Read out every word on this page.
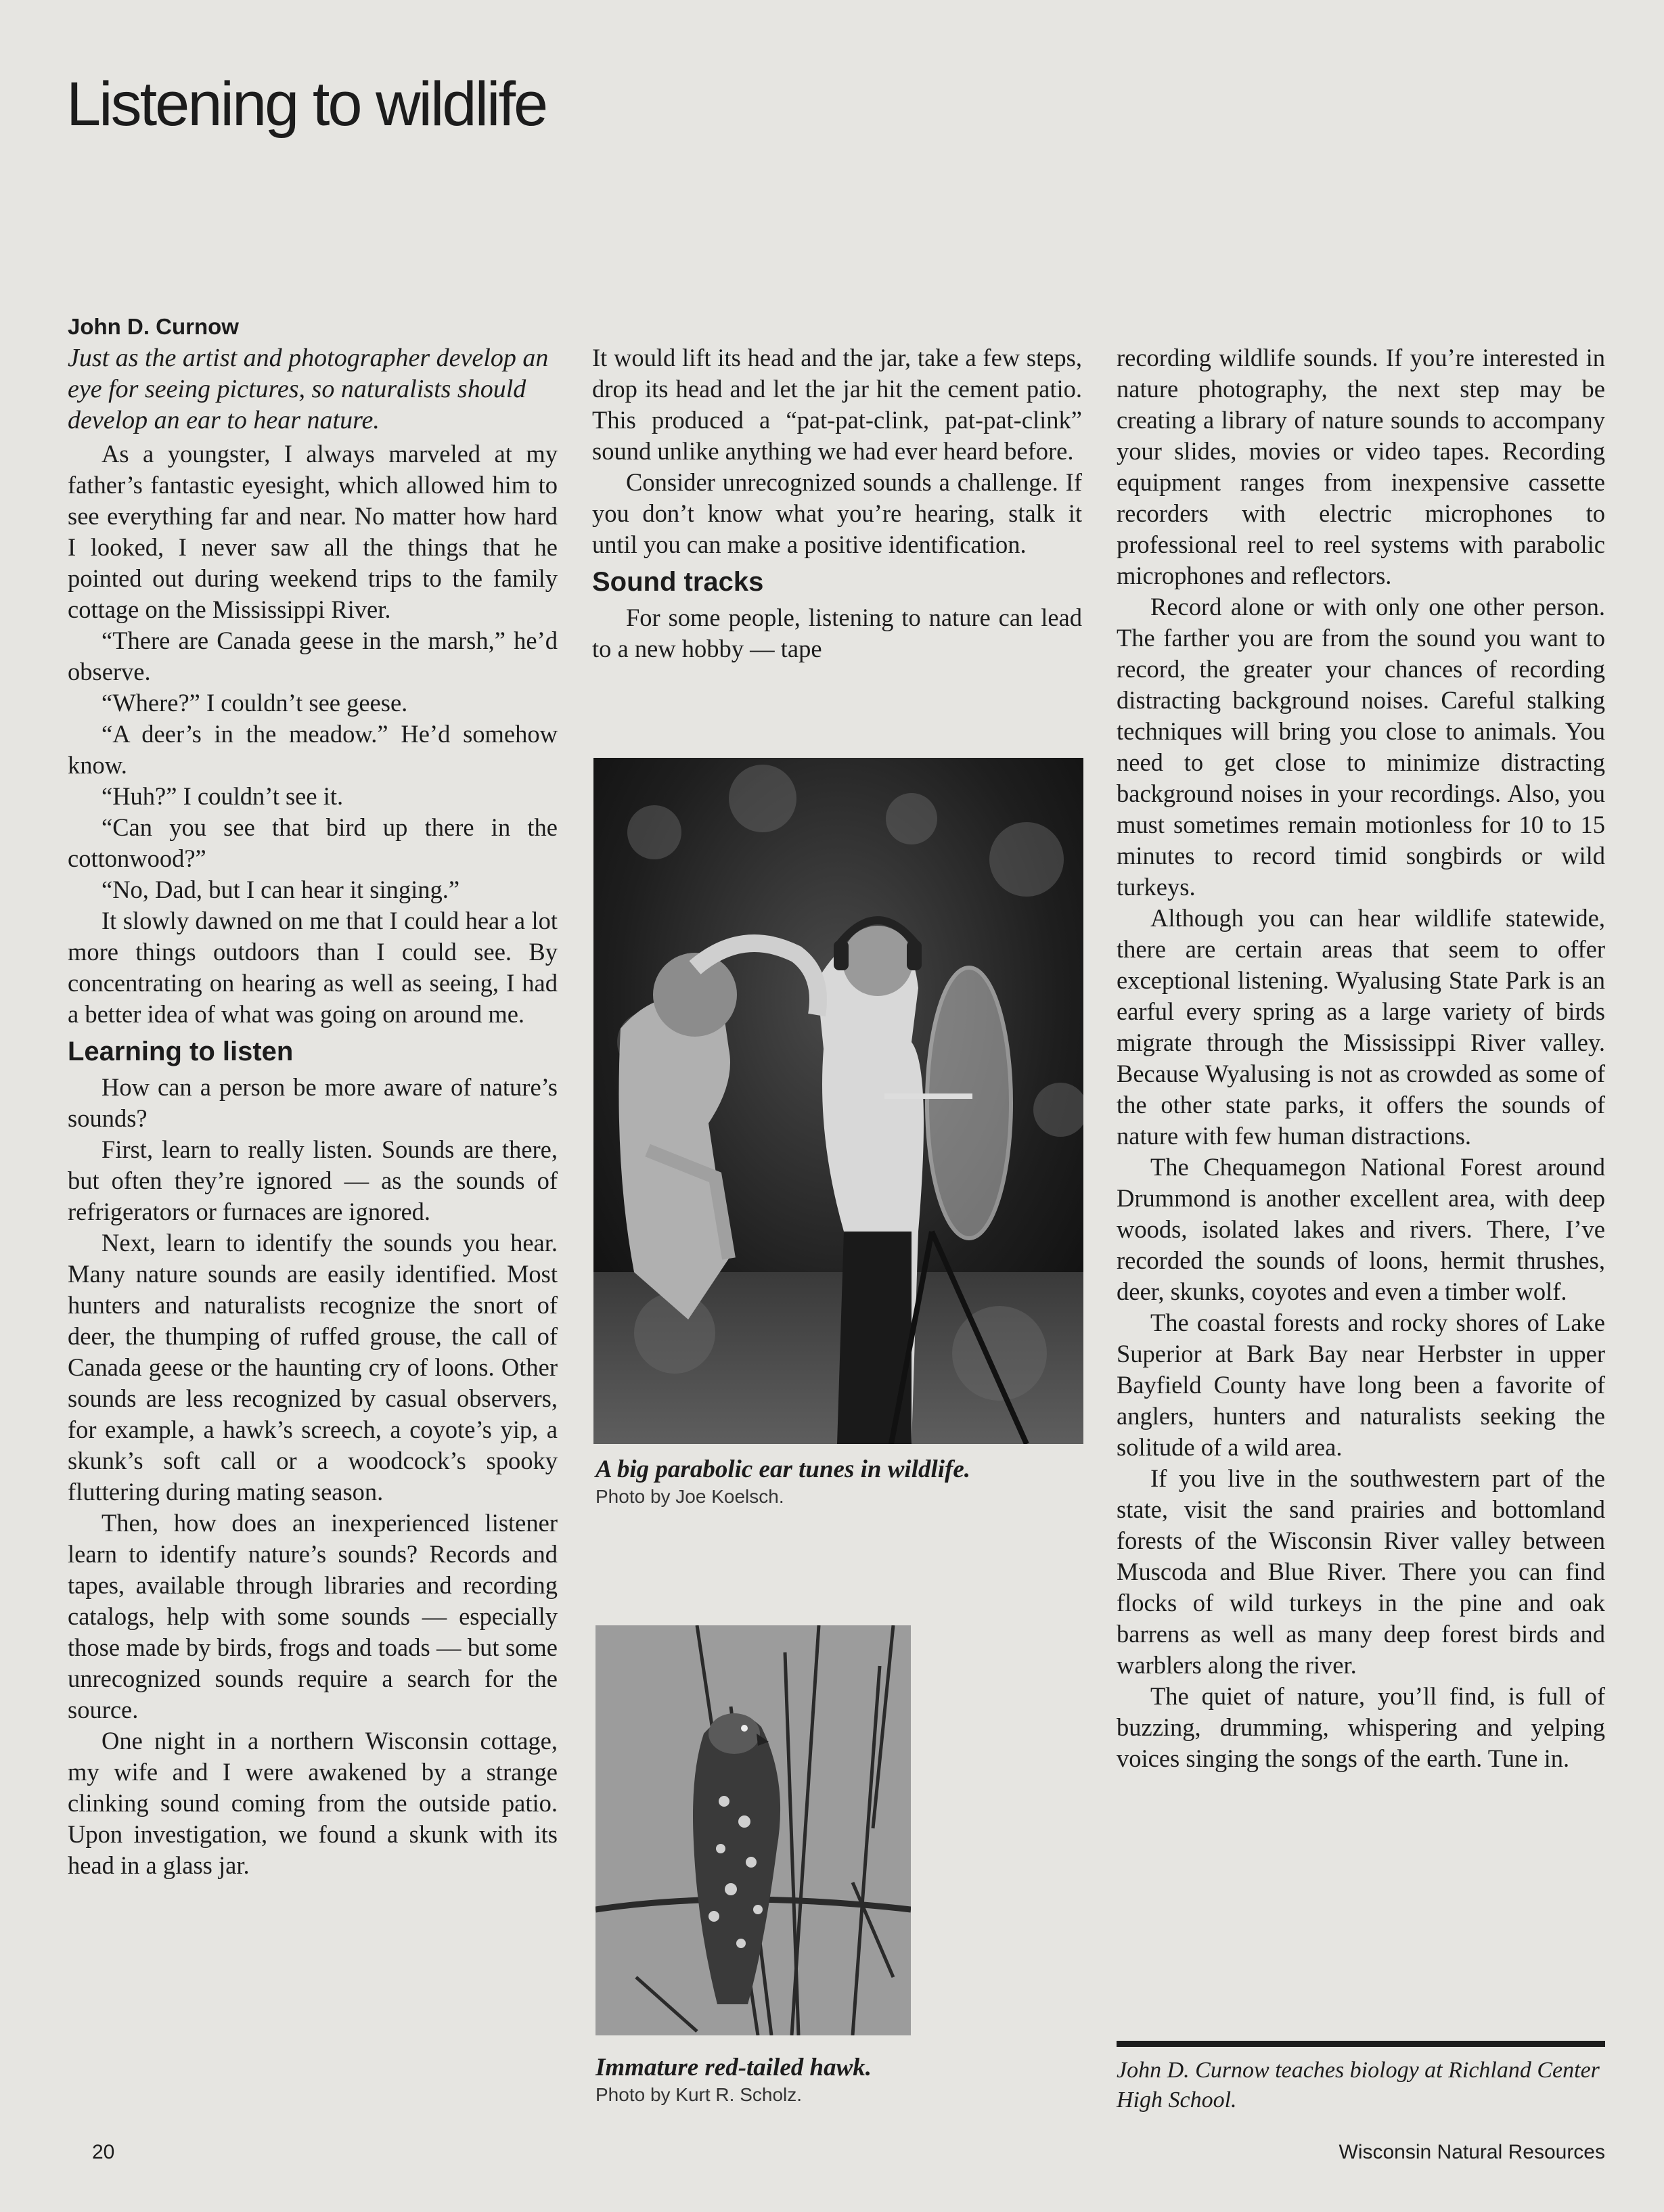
Listening to wildlife
John D. Curnow
Just as the artist and photographer develop an eye for seeing pictures, so naturalists should develop an ear to hear nature.

As a youngster, I always marveled at my father’s fantastic eyesight, which allowed him to see everything far and near. No matter how hard I looked, I never saw all the things that he pointed out during weekend trips to the family cottage on the Mississippi River.

“There are Canada geese in the marsh,” he’d observe.

“Where?” I couldn’t see geese.

“A deer’s in the meadow.” He’d somehow know.

“Huh?” I couldn’t see it.

“Can you see that bird up there in the cottonwood?”

“No, Dad, but I can hear it singing.”

It slowly dawned on me that I could hear a lot more things outdoors than I could see. By concentrating on hearing as well as seeing, I had a better idea of what was going on around me.

Learning to listen

How can a person be more aware of nature’s sounds?

First, learn to really listen. Sounds are there, but often they’re ignored — as the sounds of refrigerators or furnaces are ignored.

Next, learn to identify the sounds you hear. Many nature sounds are easily identified. Most hunters and naturalists recognize the snort of deer, the thumping of ruffed grouse, the call of Canada geese or the haunting cry of loons. Other sounds are less recognized by casual observers, for example, a hawk’s screech, a coyote’s yip, a skunk’s soft call or a woodcock’s spooky fluttering during mating season.

Then, how does an inexperienced listener learn to identify nature’s sounds? Records and tapes, available through libraries and recording catalogs, help with some sounds — especially those made by birds, frogs and toads — but some unrecognized sounds require a search for the source.

One night in a northern Wisconsin cottage, my wife and I were awakened by a strange clinking sound coming from the outside patio. Upon investigation, we found a skunk with its head in a glass jar.

It would lift its head and the jar, take a few steps, drop its head and let the jar hit the cement patio. This produced a “pat-pat-clink, pat-pat-clink” sound unlike anything we had ever heard before.

Consider unrecognized sounds a challenge. If you don’t know what you’re hearing, stalk it until you can make a positive identification.

Sound tracks

For some people, listening to nature can lead to a new hobby — tape

A big parabolic ear tunes in wildlife.

Photo by Joe Koelsch.

Immature red-tailed hawk.

Photo by Kurt R. Scholz.

recording wildlife sounds. If you’re interested in nature photography, the next step may be creating a library of nature sounds to accompany your slides, movies or video tapes. Recording equipment ranges from inexpensive cassette recorders with electric microphones to professional reel to reel systems with parabolic microphones and reflectors.

Record alone or with only one other person. The farther you are from the sound you want to record, the greater your chances of recording distracting background noises. Careful stalking techniques will bring you close to animals. You need to get close to minimize distracting background noises in your recordings. Also, you must sometimes remain motionless for 10 to 15 minutes to record timid songbirds or wild turkeys.

Although you can hear wildlife statewide, there are certain areas that seem to offer exceptional listening. Wyalusing State Park is an earful every spring as a large variety of birds migrate through the Mississippi River valley. Because Wyalusing is not as crowded as some of the other state parks, it offers the sounds of nature with few human distractions.

The Chequamegon National Forest around Drummond is another excellent area, with deep woods, isolated lakes and rivers. There, I’ve recorded the sounds of loons, hermit thrushes, deer, skunks, coyotes and even a timber wolf.

The coastal forests and rocky shores of Lake Superior at Bark Bay near Herbster in upper Bayfield County have long been a favorite of anglers, hunters and naturalists seeking the solitude of a wild area.

If you live in the southwestern part of the state, visit the sand prairies and bottomland forests of the Wisconsin River valley between Muscoda and Blue River. There you can find flocks of wild turkeys in the pine and oak barrens as well as many deep forest birds and warblers along the river.

The quiet of nature, you’ll find, is full of buzzing, drumming, whispering and yelping voices singing the songs of the earth. Tune in.

John D. Curnow teaches biology at Richland Center High School.

20	Wisconsin Natural Resources
